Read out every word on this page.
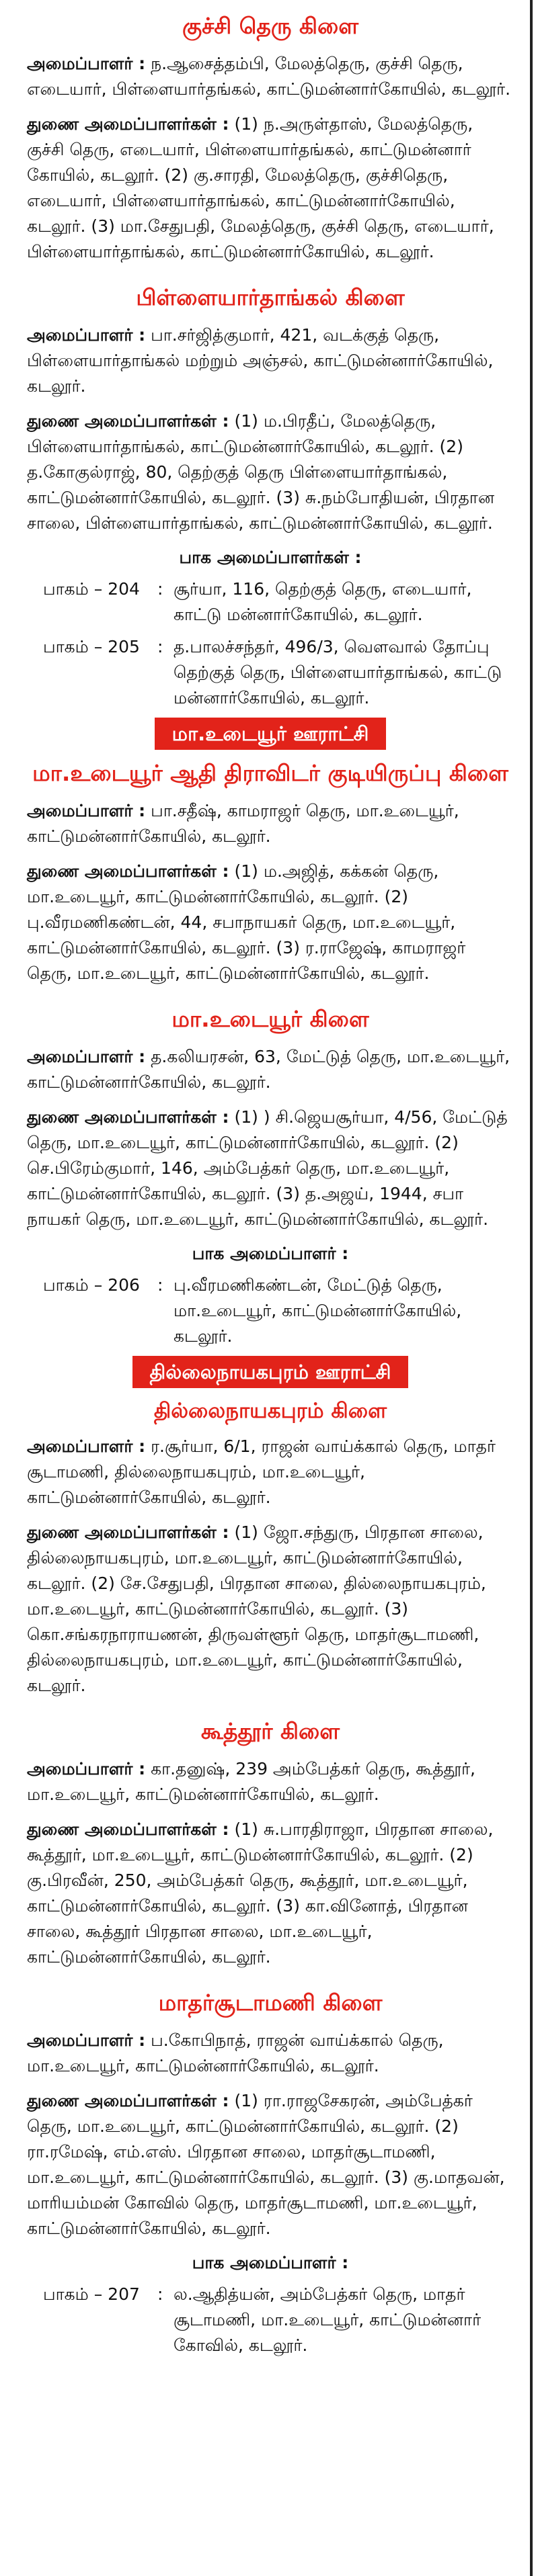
குச்சி தெரு கிளை

அமைப்பாளர் : ந.ஆசைத்தம்பி, மேலத்தெரு, குச்சி தெரு, எடையார், பிள்ளையார்தங்கல், காட்டுமன்னார்கோயில், கடலூர்.

துணை அமைப்பாளர்கள் : (1) ந.அருள்தாஸ், மேலத்தெரு, குச்சி தெரு, எடையார், பிள்ளையார்தங்கல், காட்டுமன்னார் கோயில், கடலூர். (2) கு.சாரதி, மேலத்தெரு, குச்சிதெரு, எடையார், பிள்ளையார்தாங்கல், காட்டுமன்னார்கோயில், கடலூர். (3) மா.சேதுபதி, மேலத்தெரு, குச்சி தெரு, எடையார், பிள்ளையார்தாங்கல், காட்டுமன்னார்கோயில், கடலூர்.

பிள்ளையார்தாங்கல் கிளை

அமைப்பாளர் : பா.சர்ஜித்குமார், 421, வடக்குத் தெரு, பிள்ளையார்தாங்கல் மற்றும் அஞ்சல், காட்டுமன்னார்கோயில், கடலூர்.

துணை அமைப்பாளர்கள் : (1) ம.பிரதீப், மேலத்தெரு, பிள்ளையார்தாங்கல், காட்டுமன்னார்கோயில், கடலூர். (2) த.கோகுல்ராஜ், 80, தெற்குத் தெரு பிள்ளையார்தாங்கல், காட்டுமன்னார்கோயில், கடலூர். (3) சு.நம்போதியன், பிரதான சாலை, பிள்ளையார்தாங்கல், காட்டுமன்னார்கோயில், கடலூர்.

பாக அமைப்பாளர்கள் :
பாகம் – 204	: சூர்யா, 116, தெற்குத் தெரு, எடையார், காட்டு மன்னார்கோயில், கடலூர்.
பாகம் – 205	: த.பாலச்சந்தர், 496/3, வௌவால் தோப்பு தெற்குத் தெரு, பிள்ளையார்தாங்கல், காட்டு மன்னார்கோயில், கடலூர்.
மா.உடையூர் ஊராட்சி
மா.உடையூர் ஆதி திராவிடர் குடியிருப்பு கிளை

அமைப்பாளர் : பா.சதீஷ், காமராஜர் தெரு, மா.உடையூர், காட்டுமன்னார்கோயில், கடலூர்.

துணை அமைப்பாளர்கள் : (1) ம.அஜித், கக்கன் தெரு, மா.உடையூர், காட்டுமன்னார்கோயில், கடலூர். (2) பு.வீரமணிகண்டன், 44, சபாநாயகர் தெரு, மா.உடையூர், காட்டுமன்னார்கோயில், கடலூர். (3) ர.ராஜேஷ், காமராஜர் தெரு, மா.உடையூர், காட்டுமன்னார்கோயில், கடலூர்.

மா.உடையூர் கிளை

அமைப்பாளர் : த.கலியரசன், 63, மேட்டுத் தெரு, மா.உடையூர், காட்டுமன்னார்கோயில், கடலூர்.

துணை அமைப்பாளர்கள் : (1) ) சி.ஜெயசூர்யா, 4/56, மேட்டுத் தெரு, மா.உடையூர், காட்டுமன்னார்கோயில், கடலூர். (2) செ.பிரேம்குமார், 146, அம்பேத்கர் தெரு, மா.உடையூர், காட்டுமன்னார்கோயில், கடலூர். (3) த.அஜய், 1944, சபா நாயகர் தெரு, மா.உடையூர், காட்டுமன்னார்கோயில், கடலூர்.

பாக அமைப்பாளர் :
பாகம் – 206	: பு.வீரமணிகண்டன், மேட்டுத் தெரு, மா.உடையூர், காட்டுமன்னார்கோயில், கடலூர்.
தில்லைநாயகபுரம் ஊராட்சி
தில்லைநாயகபுரம் கிளை

அமைப்பாளர் : ர.சூர்யா, 6/1, ராஜன் வாய்க்கால் தெரு, மாதர் சூடாமணி, தில்லைநாயகபுரம், மா.உடையூர், காட்டுமன்னார்கோயில், கடலூர்.

துணை அமைப்பாளர்கள் : (1) ஜோ.சந்துரு, பிரதான சாலை, தில்லைநாயகபுரம், மா.உடையூர், காட்டுமன்னார்கோயில், கடலூர். (2) சே.சேதுபதி, பிரதான சாலை, தில்லைநாயகபுரம், மா.உடையூர், காட்டுமன்னார்கோயில், கடலூர். (3) கொ.சங்கரநாராயணன், திருவள்ளூர் தெரு, மாதர்சூடாமணி, தில்லைநாயகபுரம், மா.உடையூர், காட்டுமன்னார்கோயில், கடலூர்.

கூத்தூர் கிளை

அமைப்பாளர் : கா.தனுஷ், 239 அம்பேத்கர் தெரு, கூத்தூர், மா.உடையூர், காட்டுமன்னார்கோயில், கடலூர்.

துணை அமைப்பாளர்கள் : (1) சு.பாரதிராஜா, பிரதான சாலை, கூத்தூர், மா.உடையூர், காட்டுமன்னார்கோயில், கடலூர். (2) கு.பிரவீன், 250, அம்பேத்கர் தெரு, கூத்தூர், மா.உடையூர், காட்டுமன்னார்கோயில், கடலூர். (3) கா.வினோத், பிரதான சாலை, கூத்தூர் பிரதான சாலை, மா.உடையூர், காட்டுமன்னார்கோயில், கடலூர்.

மாதர்சூடாமணி கிளை

அமைப்பாளர் : ப.கோபிநாத், ராஜன் வாய்க்கால் தெரு, மா.உடையூர், காட்டுமன்னார்கோயில், கடலூர்.

துணை அமைப்பாளர்கள் : (1) ரா.ராஜசேகரன், அம்பேத்கர் தெரு, மா.உடையூர், காட்டுமன்னார்கோயில், கடலூர். (2) ரா.ரமேஷ், எம்.எஸ். பிரதான சாலை, மாதர்சூடாமணி, மா.உடையூர், காட்டுமன்னார்கோயில், கடலூர். (3) கு.மாதவன், மாரியம்மன் கோவில் தெரு, மாதர்சூடாமணி, மா.உடையூர், காட்டுமன்னார்கோயில், கடலூர்.

பாக அமைப்பாளர் :
பாகம் – 207	: ல.ஆதித்யன், அம்பேத்கர் தெரு, மாதர் சூடாமணி, மா.உடையூர், காட்டுமன்னார் கோவில், கடலூர்.
